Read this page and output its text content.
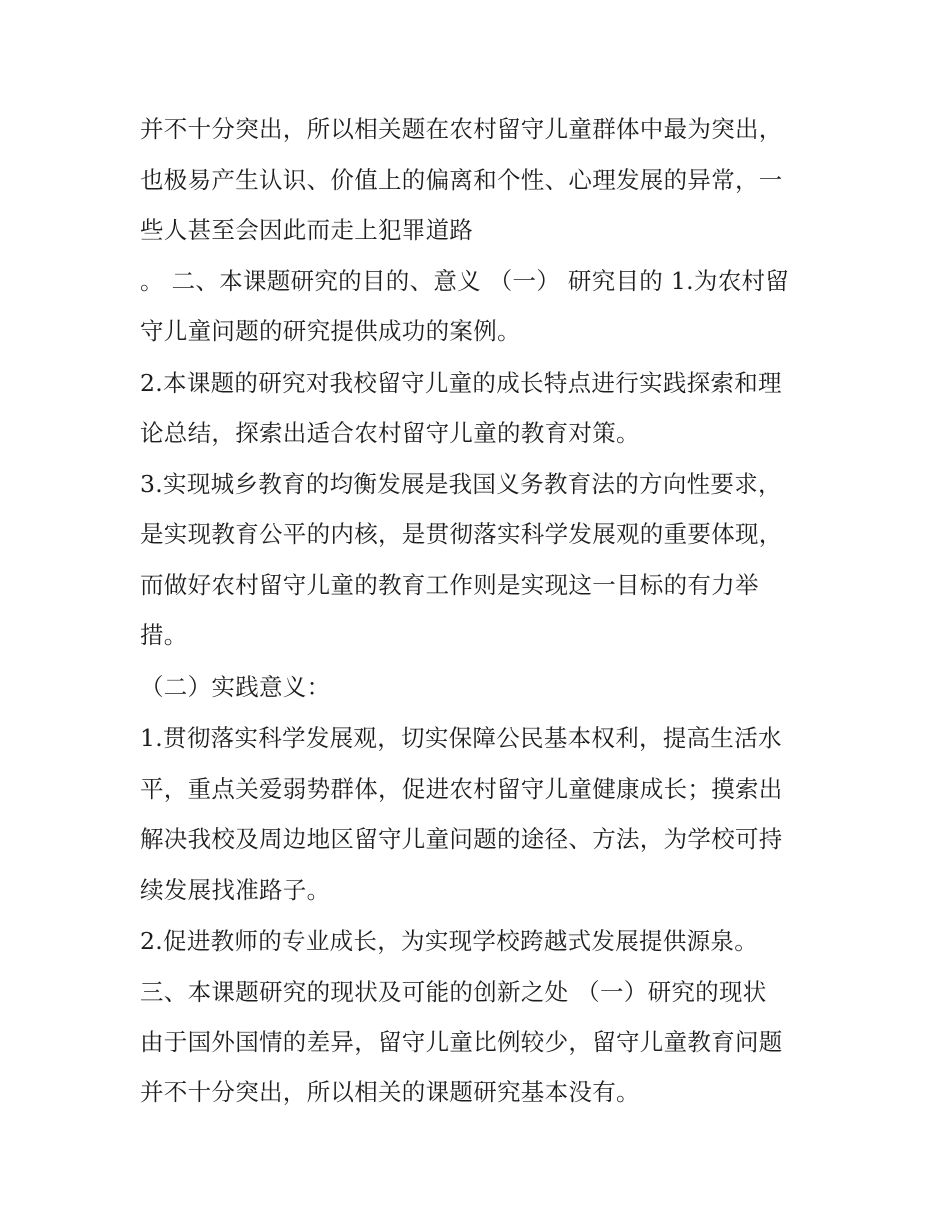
并不十分突出，所以相关题在农村留守儿童群体中最为突出，
也极易产生认识、价值上的偏离和个性、心理发展的异常，一
些人甚至会因此而走上犯罪道路
。 二、本课题研究的目的、意义 （一） 研究目的 1.为农村留
守儿童问题的研究提供成功的案例。
2.本课题的研究对我校留守儿童的成长特点进行实践探索和理
论总结，探索出适合农村留守儿童的教育对策。
3.实现城乡教育的均衡发展是我国义务教育法的方向性要求，
是实现教育公平的内核，是贯彻落实科学发展观的重要体现，
而做好农村留守儿童的教育工作则是实现这一目标的有力举
措。
（二）实践意义：
1.贯彻落实科学发展观，切实保障公民基本权利，提高生活水
平，重点关爱弱势群体，促进农村留守儿童健康成长；摸索出
解决我校及周边地区留守儿童问题的途径、方法，为学校可持
续发展找准路子。
2.促进教师的专业成长，为实现学校跨越式发展提供源泉。
三、本课题研究的现状及可能的创新之处 （一）研究的现状
由于国外国情的差异，留守儿童比例较少，留守儿童教育问题
并不十分突出，所以相关的课题研究基本没有。
